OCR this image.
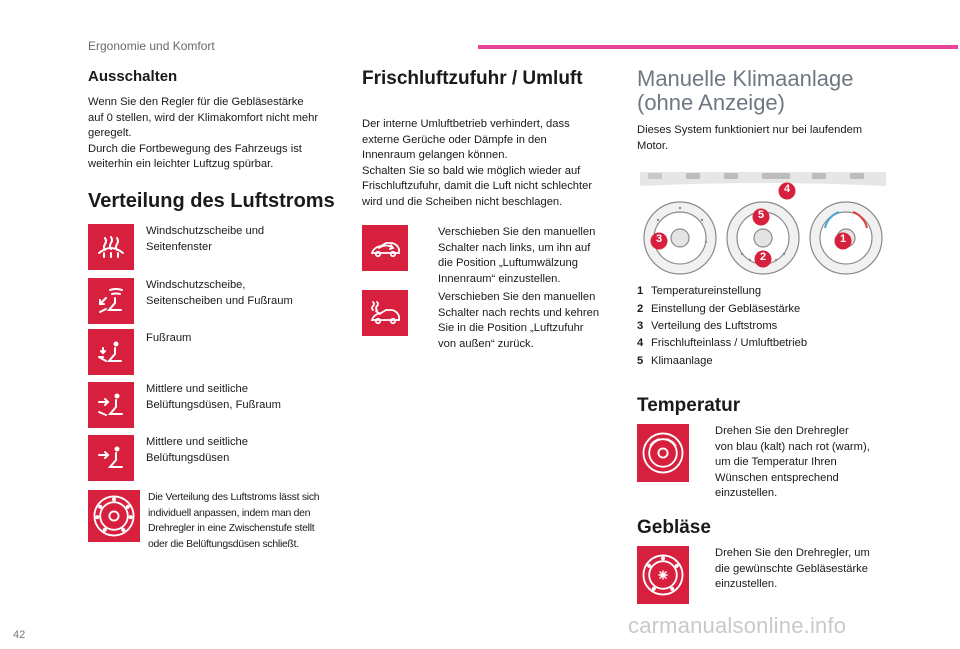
Ergonomie und Komfort
Ausschalten

Wenn Sie den Regler für die Gebläsestärke

auf 0 stellen, wird der Klimakomfort nicht mehr

geregelt.

Durch die Fortbewegung des Fahrzeugs ist

weiterhin ein leichter Luftzug spürbar.

Verteilung des Luftstroms
Windschutzscheibe und
Seitenfenster
Windschutzscheibe,
Seitenscheiben und Fußraum
Fußraum
Mittlere und seitliche
Belüftungsdüsen, Fußraum
Mittlere und seitliche
Belüftungsdüsen
Die Verteilung des Luftstroms lässt sich
individuell anpassen, indem man den
Drehregler in eine Zwischenstufe stellt
oder die Belüftungsdüsen schließt.
Frischluftzufuhr / Umluft

Der interne Umluftbetrieb verhindert, dass

externe Gerüche oder Dämpfe in den

Innenraum gelangen können.

Schalten Sie so bald wie möglich wieder auf

Frischluftzufuhr, damit die Luft nicht schlechter

wird und die Scheiben nicht beschlagen.

Verschieben Sie den manuellen
Schalter nach links, um ihn auf
die Position „Luftumwälzung
Innenraum“ einzustellen.
Verschieben Sie den manuellen
Schalter nach rechts und kehren
Sie in die Position „Luftzufuhr
von außen“ zurück.
Manuelle Klimaanlage
(ohne Anzeige)

Dieses System funktioniert nur bei laufendem

Motor.

4
5
3
2
1
1 Temperatureinstellung
2 Einstellung der Gebläsestärke
3 Verteilung des Luftstroms
4 Frischlufteinlass / Umluftbetrieb
5 Klimaanlage
Temperatur
Drehen Sie den Drehregler
von blau (kalt) nach rot (warm),
um die Temperatur Ihren
Wünschen entsprechend
einzustellen.
Gebläse
Drehen Sie den Drehregler, um
die gewünschte Gebläsestärke
einzustellen.
42	carmanualsonline.info
